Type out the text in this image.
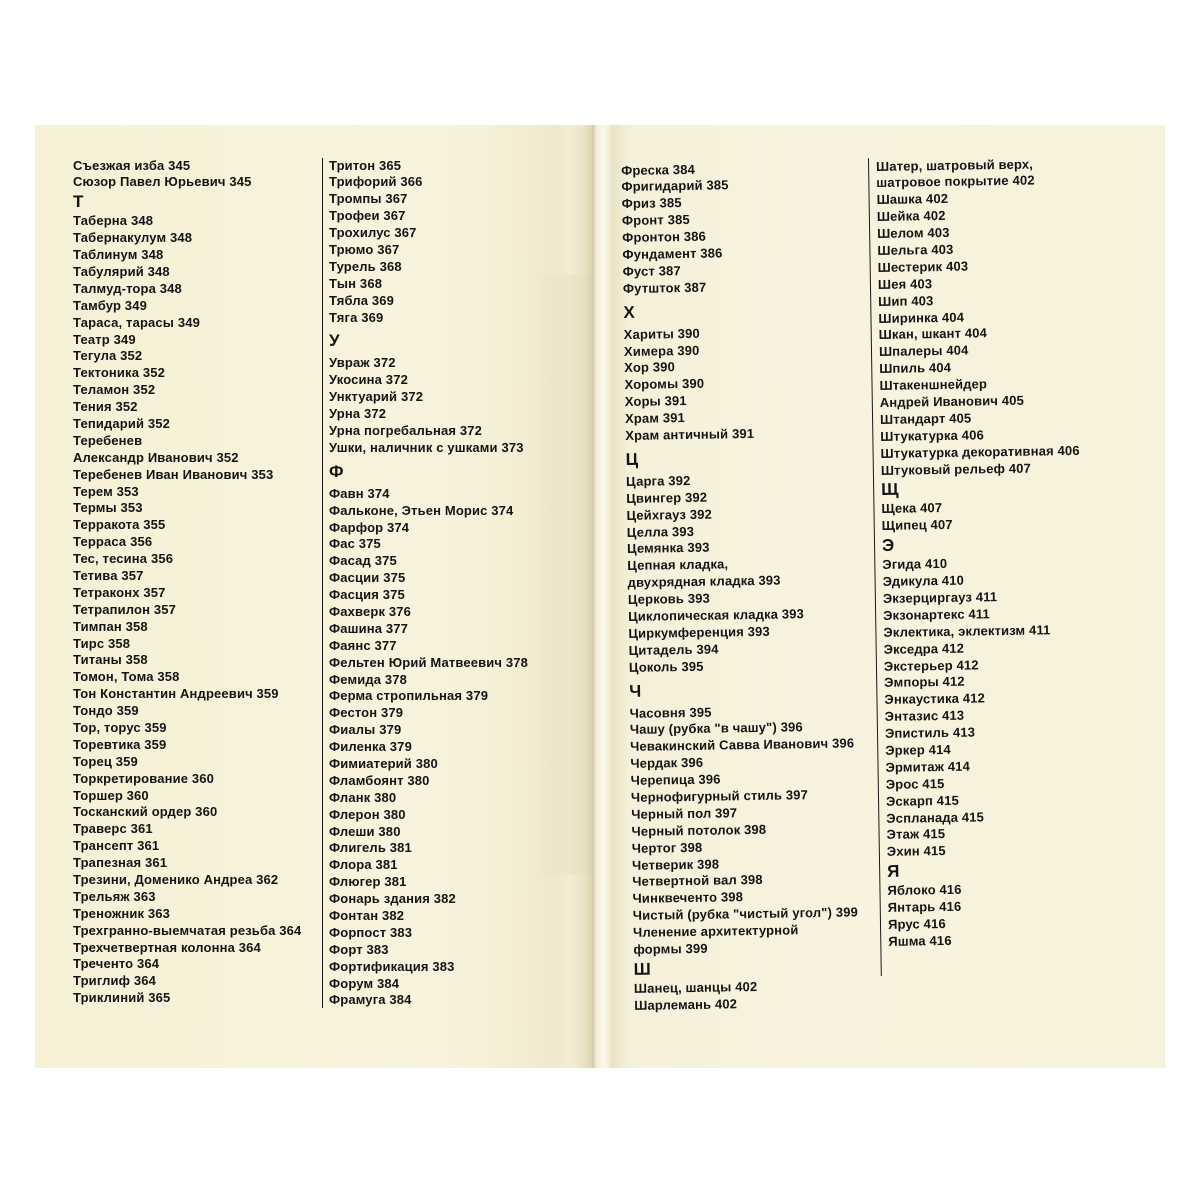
Съезжая изба 345
Сюзор Павел Юрьевич 345
Т
Таберна 348
Табернакулум 348
Таблинум 348
Табулярий 348
Талмуд-тора 348
Тамбур 349
Тараса, тарасы 349
Театр 349
Тегула 352
Тектоника 352
Теламон 352
Тения 352
Тепидарий 352
Теребенев
Александр Иванович 352
Теребенев Иван Иванович 353
Терем 353
Термы 353
Терракота 355
Терраса 356
Тес, тесина 356
Тетива 357
Тетраконх 357
Тетрапилон 357
Тимпан 358
Тирс 358
Титаны 358
Томон, Тома 358
Тон Константин Андреевич 359
Тондо 359
Тор, торус 359
Торевтика 359
Торец 359
Торкретирование 360
Торшер 360
Тосканский ордер 360
Траверс 361
Трансепт 361
Трапезная 361
Трезини, Доменико Андреа 362
Трельяж 363
Треножник 363
Трехгранно-выемчатая резьба 364
Трехчетвертная колонна 364
Треченто 364
Триглиф 364
Триклиний 365
Тритон 365
Трифорий 366
Тромпы 367
Трофеи 367
Трохилус 367
Трюмо 367
Турель 368
Тын 368
Тябла 369
Тяга 369
У
Увраж 372
Укосина 372
Унктуарий 372
Урна 372
Урна погребальная 372
Ушки, наличник с ушками 373
Ф
Фавн 374
Фальконе, Этьен Морис 374
Фарфор 374
Фас 375
Фасад 375
Фасции 375
Фасция 375
Фахверк 376
Фашина 377
Фаянс 377
Фельтен Юрий Матвеевич 378
Фемида 378
Ферма стропильная 379
Фестон 379
Фиалы 379
Филенка 379
Фимиатерий 380
Фламбоянт 380
Фланк 380
Флерон 380
Флеши 380
Флигель 381
Флора 381
Флюгер 381
Фонарь здания 382
Фонтан 382
Форпост 383
Форт 383
Фортификация 383
Форум 384
Фрамуга 384
Фреска 384
Фригидарий 385
Фриз 385
Фронт 385
Фронтон 386
Фундамент 386
Фуст 387
Футшток 387
Х
Хариты 390
Химера 390
Хор 390
Хоромы 390
Хоры 391
Храм 391
Храм античный 391
Ц
Царга 392
Цвингер 392
Цейхгауз 392
Целла 393
Цемянка 393
Цепная кладка,
двухрядная кладка 393
Церковь 393
Циклопическая кладка 393
Циркумференция 393
Цитадель 394
Цоколь 395
Ч
Часовня 395
Чашу (рубка "в чашу") 396
Чевакинский Савва Иванович 396
Чердак 396
Черепица 396
Чернофигурный стиль 397
Черный пол 397
Черный потолок 398
Чертог 398
Четверик 398
Четвертной вал 398
Чинквеченто 398
Чистый (рубка "чистый угол") 399
Членение архитектурной
формы 399
Ш
Шанец, шанцы 402
Шарлемань 402
Шатер, шатровый верх,
шатровое покрытие 402
Шашка 402
Шейка 402
Шелом 403
Шельга 403
Шестерик 403
Шея 403
Шип 403
Ширинка 404
Шкан, шкант 404
Шпалеры 404
Шпиль 404
Штакеншнейдер
Андрей Иванович 405
Штандарт 405
Штукатурка 406
Штукатурка декоративная 406
Штуковый рельеф 407
Щ
Щека 407
Щипец 407
Э
Эгида 410
Эдикула 410
Экзерциргауз 411
Экзонартекс 411
Эклектика, эклектизм 411
Экседра 412
Экстерьер 412
Эмпоры 412
Энкаустика 412
Энтазис 413
Эпистиль 413
Эркер 414
Эрмитаж 414
Эрос 415
Эскарп 415
Эспланада 415
Этаж 415
Эхин 415
Я
Яблоко 416
Янтарь 416
Ярус 416
Яшма 416
